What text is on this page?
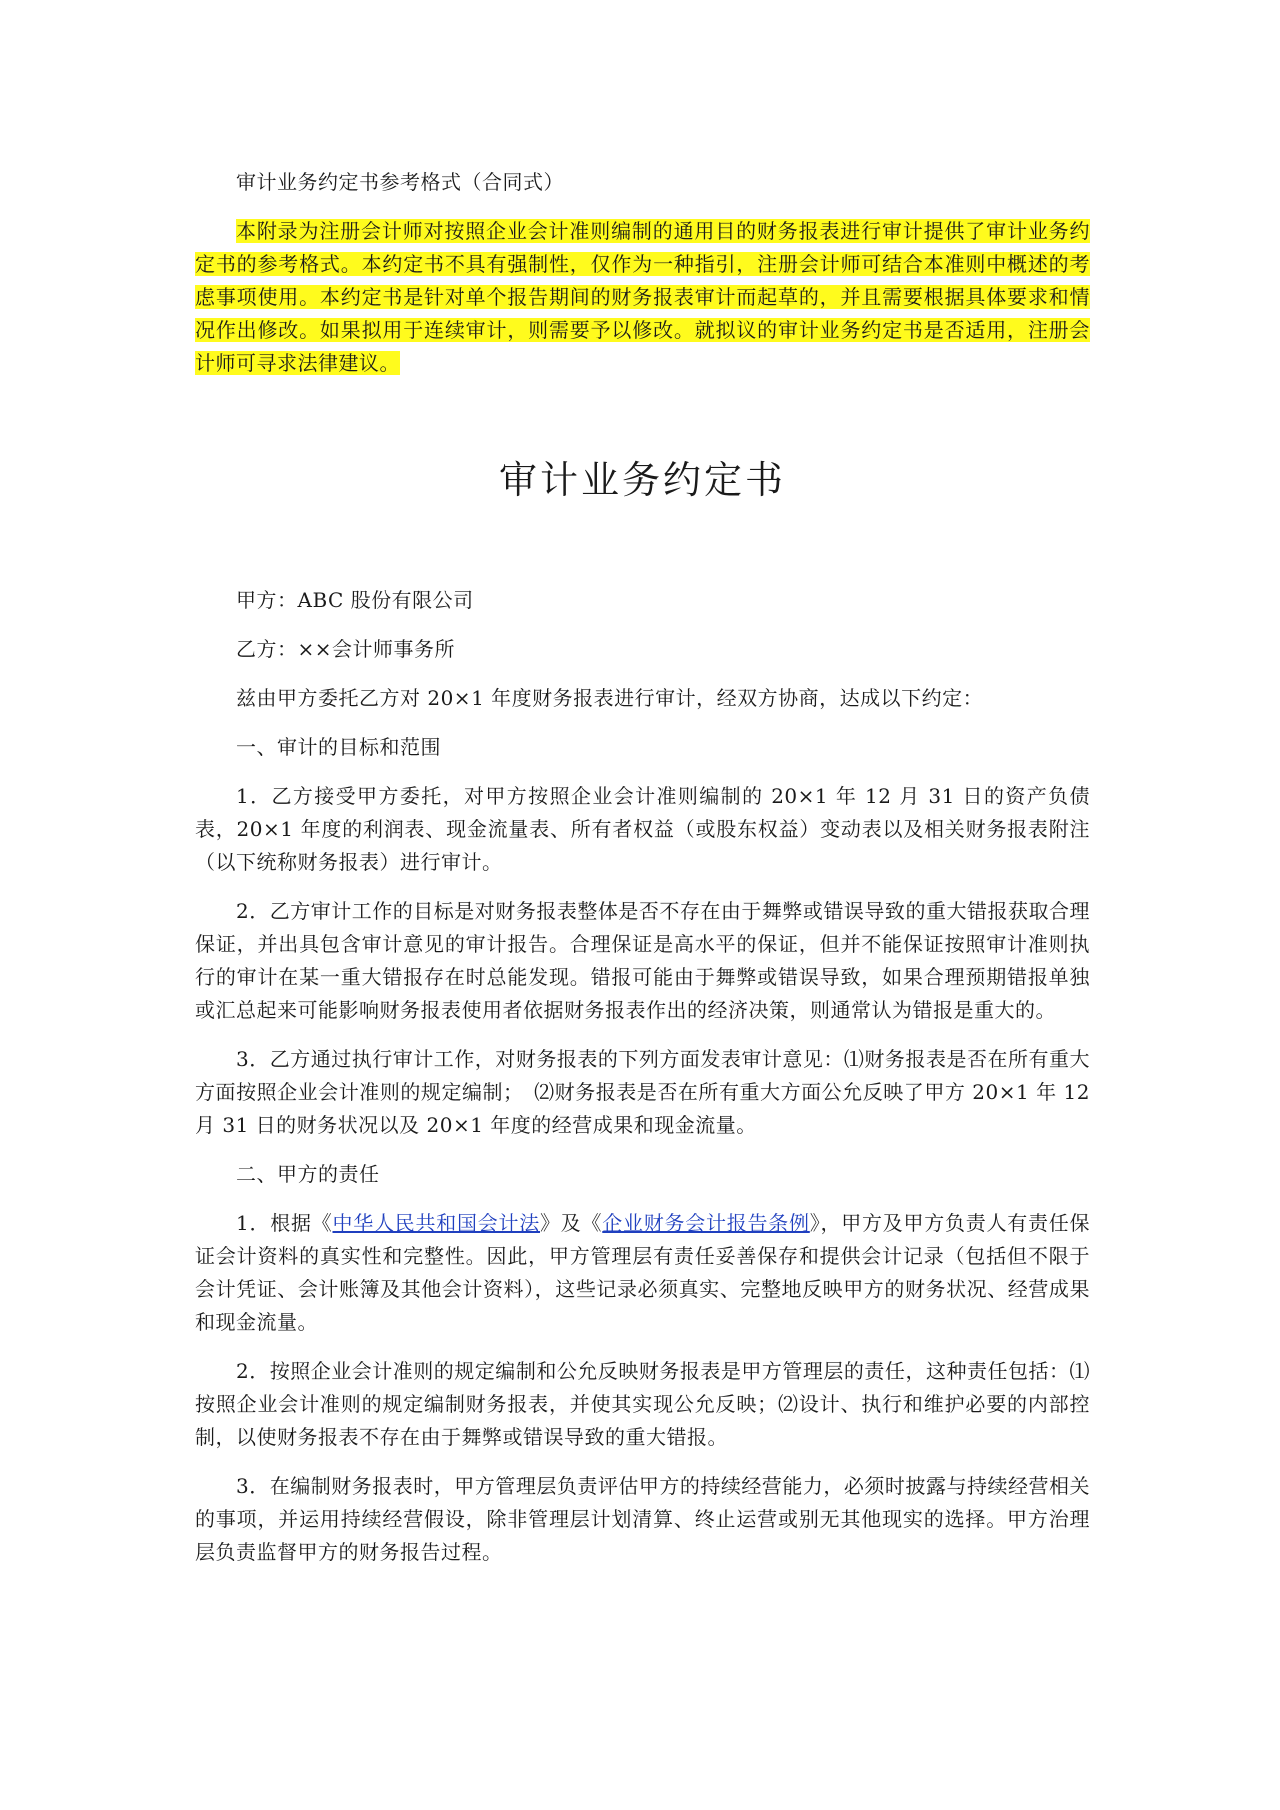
审计业务约定书参考格式（合同式）

本附录为注册会计师对按照企业会计准则编制的通用目的财务报表进行审计提供了审计业务约定书的参考格式。本约定书不具有强制性，仅作为一种指引，注册会计师可结合本准则中概述的考虑事项使用。本约定书是针对单个报告期间的财务报表审计而起草的，并且需要根据具体要求和情况作出修改。如果拟用于连续审计，则需要予以修改。就拟议的审计业务约定书是否适用，注册会计师可寻求法律建议。

审计业务约定书

甲方：ABC 股份有限公司

乙方：××会计师事务所

兹由甲方委托乙方对 20×1 年度财务报表进行审计，经双方协商，达成以下约定：

一、审计的目标和范围

1．乙方接受甲方委托，对甲方按照企业会计准则编制的 20×1 年 12 月 31 日的资产负债表，20×1 年度的利润表、现金流量表、所有者权益（或股东权益）变动表以及相关财务报表附注（以下统称财务报表）进行审计。

2．乙方审计工作的目标是对财务报表整体是否不存在由于舞弊或错误导致的重大错报获取合理保证，并出具包含审计意见的审计报告。合理保证是高水平的保证，但并不能保证按照审计准则执行的审计在某一重大错报存在时总能发现。错报可能由于舞弊或错误导致，如果合理预期错报单独或汇总起来可能影响财务报表使用者依据财务报表作出的经济决策，则通常认为错报是重大的。

3．乙方通过执行审计工作，对财务报表的下列方面发表审计意见：⑴财务报表是否在所有重大方面按照企业会计准则的规定编制；　⑵财务报表是否在所有重大方面公允反映了甲方 20×1 年 12 月 31 日的财务状况以及 20×1 年度的经营成果和现金流量。

二、甲方的责任

1．根据《中华人民共和国会计法》及《企业财务会计报告条例》，甲方及甲方负责人有责任保证会计资料的真实性和完整性。因此，甲方管理层有责任妥善保存和提供会计记录（包括但不限于会计凭证、会计账簿及其他会计资料），这些记录必须真实、完整地反映甲方的财务状况、经营成果和现金流量。

2．按照企业会计准则的规定编制和公允反映财务报表是甲方管理层的责任，这种责任包括：⑴按照企业会计准则的规定编制财务报表，并使其实现公允反映；⑵设计、执行和维护必要的内部控制，以使财务报表不存在由于舞弊或错误导致的重大错报。

3．在编制财务报表时，甲方管理层负责评估甲方的持续经营能力，必须时披露与持续经营相关的事项，并运用持续经营假设，除非管理层计划清算、终止运营或别无其他现实的选择。甲方治理层负责监督甲方的财务报告过程。
